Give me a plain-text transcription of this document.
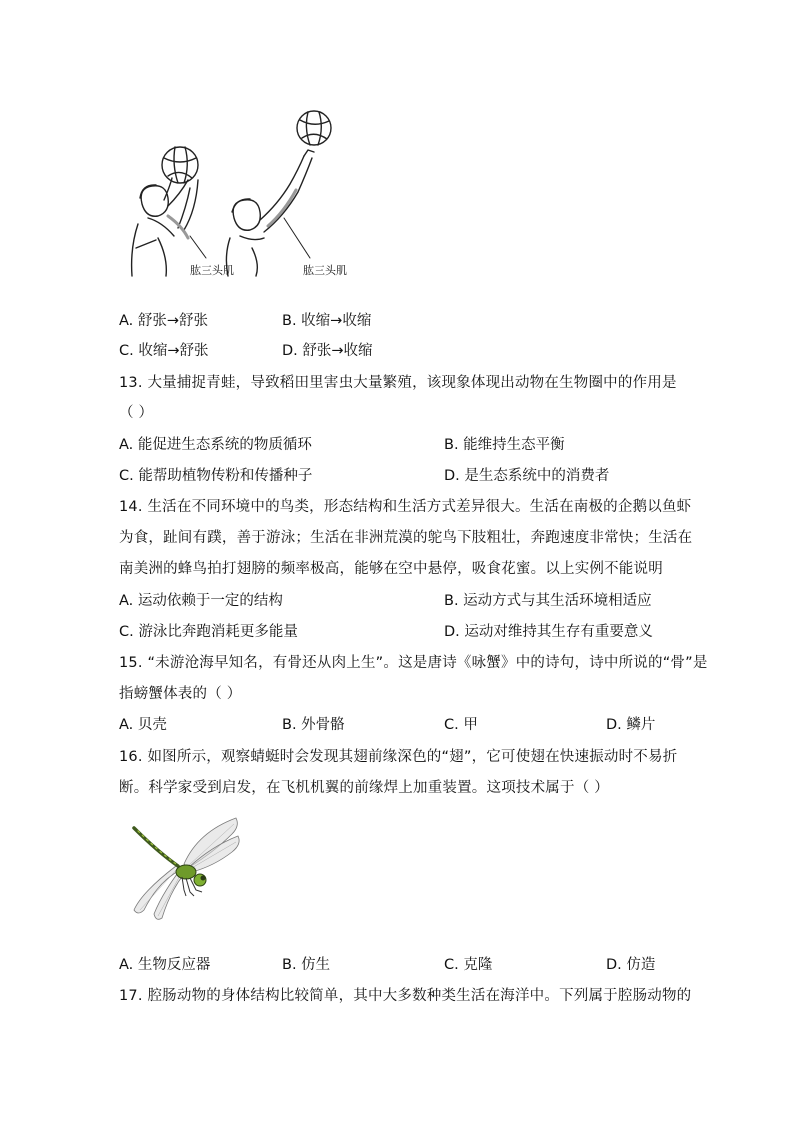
肱三头肌	肱三头肌
A. 舒张→舒张	B. 收缩→收缩
C. 收缩→舒张	D. 舒张→收缩
13. 大量捕捉青蛙，导致稻田里害虫大量繁殖，该现象体现出动物在生物圈中的作用是
（ ）
A. 能促进生态系统的物质循环	B. 能维持生态平衡
C. 能帮助植物传粉和传播种子	D. 是生态系统中的消费者
14. 生活在不同环境中的鸟类，形态结构和生活方式差异很大。生活在南极的企鹅以鱼虾
为食，趾间有蹼，善于游泳；生活在非洲荒漠的鸵鸟下肢粗壮，奔跑速度非常快；生活在
南美洲的蜂鸟拍打翅膀的频率极高，能够在空中悬停，吸食花蜜。以上实例不能说明
A. 运动依赖于一定的结构	B. 运动方式与其生活环境相适应
C. 游泳比奔跑消耗更多能量	D. 运动对维持其生存有重要意义
15. “未游沧海早知名，有骨还从肉上生”。这是唐诗《咏蟹》中的诗句，诗中所说的“骨”是
指螃蟹体表的（ ）
A. 贝壳	B. 外骨骼	C. 甲	D. 鳞片
16. 如图所示，观察蜻蜓时会发现其翅前缘深色的“翅”，它可使翅在快速振动时不易折
断。科学家受到启发，在飞机机翼的前缘焊上加重装置。这项技术属于（ ）
A. 生物反应器	B. 仿生	C. 克隆	D. 仿造
17. 腔肠动物的身体结构比较简单，其中大多数种类生活在海洋中。下列属于腔肠动物的
